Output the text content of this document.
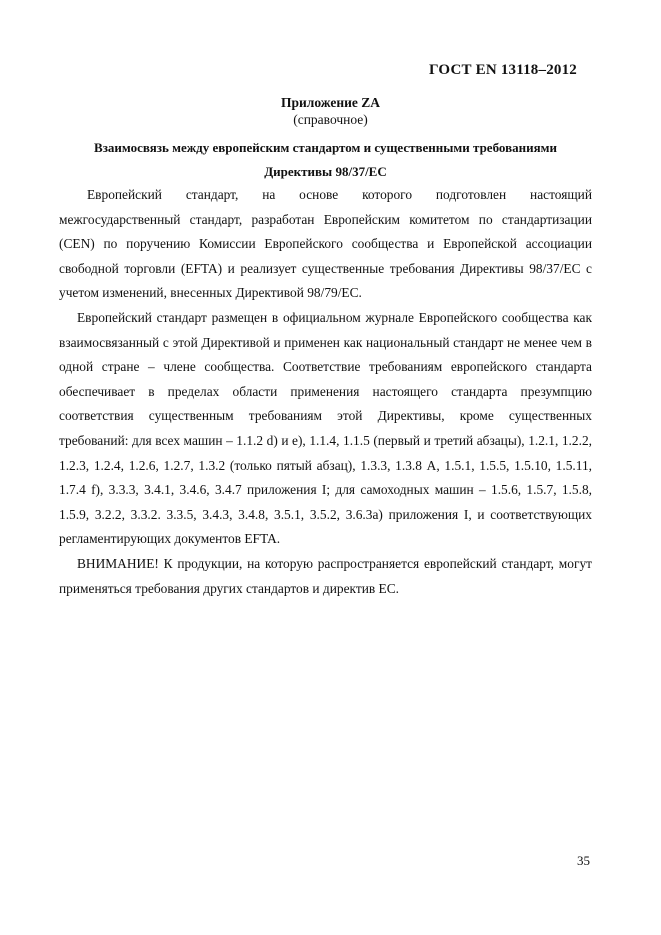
ГОСТ EN 13118–2012
Приложение ZA
(справочное)
Взаимосвязь между европейским стандартом и существенными требованиями Директивы 98/37/ЕС

Европейский стандарт, на основе которого подготовлен настоящий межгосударственный стандарт, разработан Европейским комитетом по стандартизации (CEN) по поручению Комиссии Европейского сообщества и Европейской ассоциации свободной торговли (EFTA) и реализует существенные требования Директивы 98/37/ЕС с учетом изменений, внесенных Директивой 98/79/ЕС.

Европейский стандарт размещен в официальном журнале Европейского сообщества как взаимосвязанный с этой Директивой и применен как национальный стандарт не менее чем в одной стране – члене сообщества. Соответствие требованиям европейского стандарта обеспечивает в пределах области применения настоящего стандарта презумпцию соответствия существенным требованиям этой Директивы, кроме существенных требований: для всех машин – 1.1.2 d) и е), 1.1.4, 1.1.5 (первый и третий абзацы), 1.2.1, 1.2.2, 1.2.3, 1.2.4, 1.2.6, 1.2.7, 1.3.2 (только пятый абзац), 1.3.3, 1.3.8 A, 1.5.1, 1.5.5, 1.5.10, 1.5.11, 1.7.4 f), 3.3.3, 3.4.1, 3.4.6, 3.4.7 приложения I; для самоходных машин – 1.5.6, 1.5.7, 1.5.8, 1.5.9, 3.2.2, 3.3.2. 3.3.5, 3.4.3, 3.4.8, 3.5.1, 3.5.2, 3.6.3a) приложения I, и соответствующих регламентирующих документов EFTA.

ВНИМАНИЕ! К продукции, на которую распространяется европейский стандарт, могут применяться требования других стандартов и директив ЕС.

35
